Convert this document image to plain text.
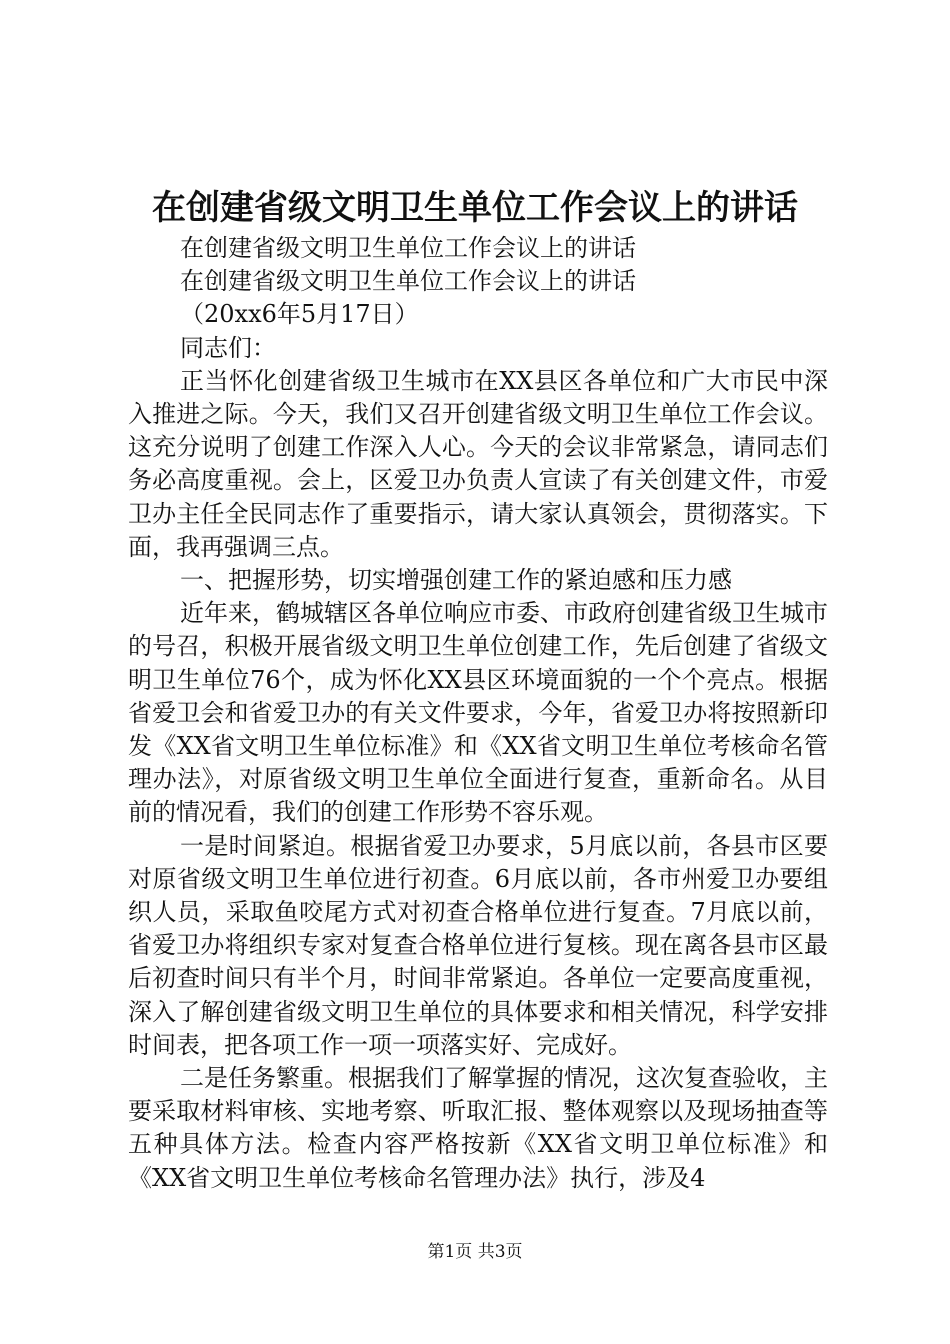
在创建省级文明卫生单位工作会议上的讲话
在创建省级文明卫生单位工作会议上的讲话
在创建省级文明卫生单位工作会议上的讲话
（20xx6年5月17日）
同志们：
正当怀化创建省级卫生城市在XX县区各单位和广大市民中深入推进之际。今天，我们又召开创建省级文明卫生单位工作会议。这充分说明了创建工作深入人心。今天的会议非常紧急，请同志们务必高度重视。会上，区爱卫办负责人宣读了有关创建文件，市爱卫办主任全民同志作了重要指示，请大家认真领会，贯彻落实。下面，我再强调三点。
一、把握形势，切实增强创建工作的紧迫感和压力感
近年来，鹤城辖区各单位响应市委、市政府创建省级卫生城市的号召，积极开展省级文明卫生单位创建工作，先后创建了省级文明卫生单位76个，成为怀化XX县区环境面貌的一个个亮点。根据省爱卫会和省爱卫办的有关文件要求，今年，省爱卫办将按照新印发《XX省文明卫生单位标准》和《XX省文明卫生单位考核命名管理办法》，对原省级文明卫生单位全面进行复查，重新命名。从目前的情况看，我们的创建工作形势不容乐观。
一是时间紧迫。根据省爱卫办要求，5月底以前，各县市区要对原省级文明卫生单位进行初查。6月底以前，各市州爱卫办要组织人员，采取鱼咬尾方式对初查合格单位进行复查。7月底以前，省爱卫办将组织专家对复查合格单位进行复核。现在离各县市区最后初查时间只有半个月，时间非常紧迫。各单位一定要高度重视，深入了解创建省级文明卫生单位的具体要求和相关情况，科学安排时间表，把各项工作一项一项落实好、完成好。
二是任务繁重。根据我们了解掌握的情况，这次复查验收，主要采取材料审核、实地考察、听取汇报、整体观察以及现场抽查等五种具体方法。检查内容严格按新《XX省文明卫单位标准》和《XX省文明卫生单位考核命名管理办法》执行，涉及4
第1页 共3页
